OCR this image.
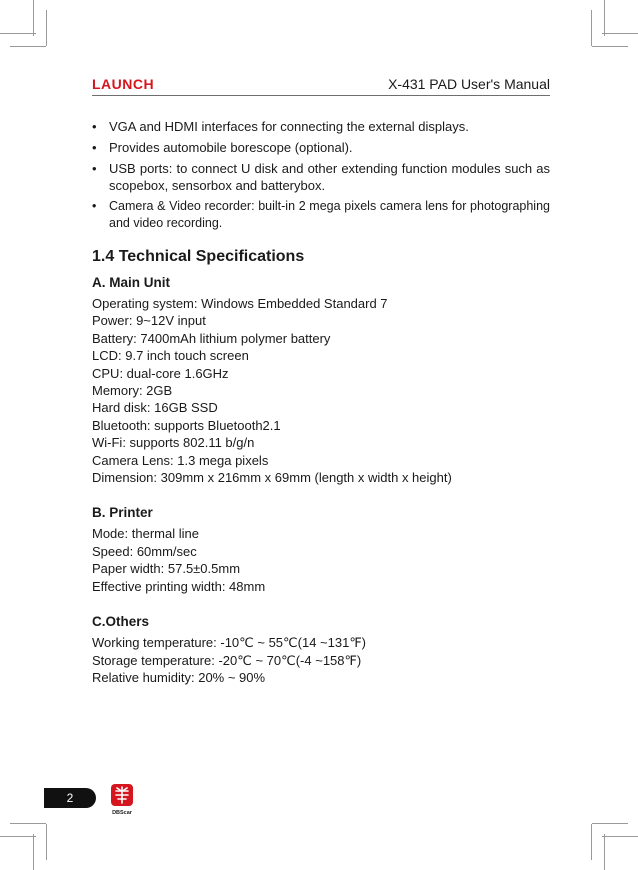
LAUNCH	X-431 PAD User's Manual
• VGA and HDMI interfaces for connecting the external displays.
• Provides automobile borescope (optional).
• USB ports: to connect U disk and other extending function modules such as scopebox, sensorbox and batterybox.
• Camera & Video recorder: built-in 2 mega pixels camera lens for photographing and video recording.
1.4 Technical Specifications
A. Main Unit
Operating system: Windows Embedded Standard 7
Power: 9~12V input
Battery: 7400mAh lithium polymer battery
LCD: 9.7 inch touch screen
CPU: dual-core 1.6GHz
Memory: 2GB
Hard disk: 16GB SSD
Bluetooth: supports Bluetooth2.1
Wi-Fi: supports 802.11 b/g/n
Camera Lens: 1.3 mega pixels
Dimension: 309mm x 216mm x 69mm (length x width x height)
B. Printer
Mode: thermal line
Speed: 60mm/sec
Paper width: 57.5±0.5mm
Effective printing width: 48mm
C.Others
Working temperature: -10℃ ~ 55℃(14 ~131℉)
Storage temperature: -20℃ ~ 70℃(-4 ~158℉)
Relative humidity: 20% ~ 90%
2
DBScar
